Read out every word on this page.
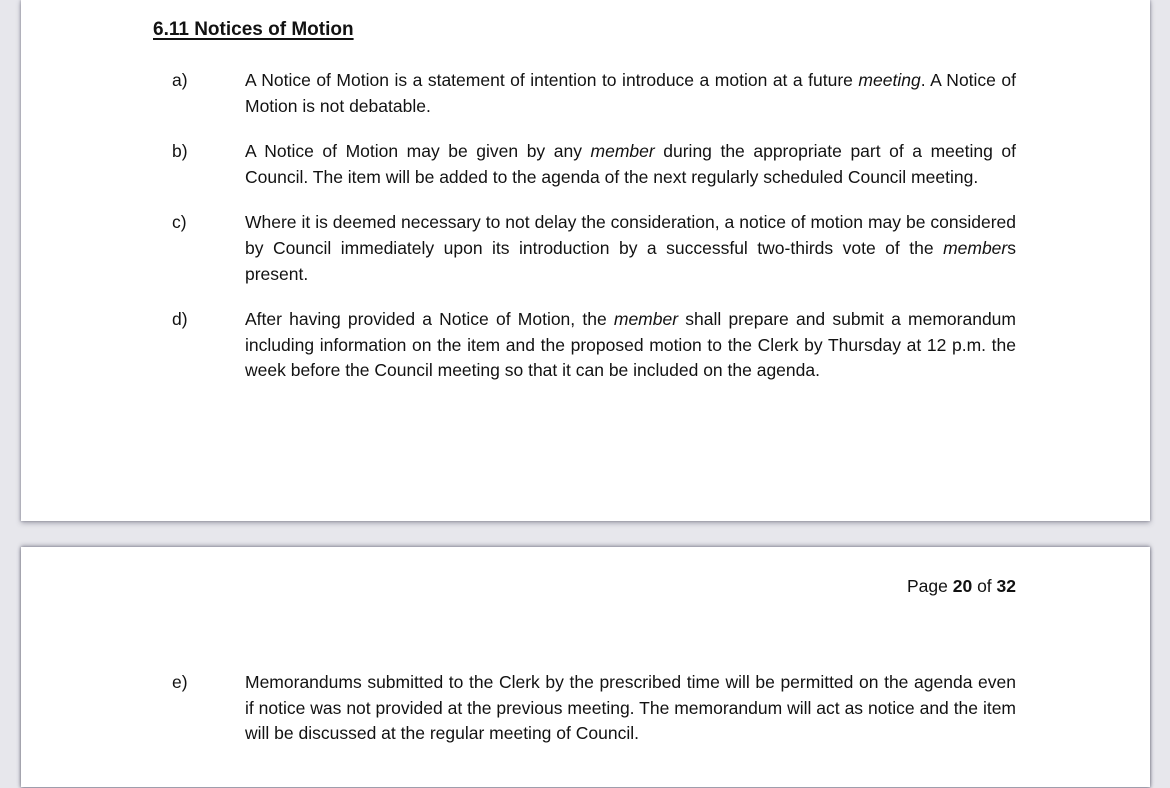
6.11 Notices of Motion
a)	A Notice of Motion is a statement of intention to introduce a motion at a future meeting. A Notice of Motion is not debatable.

b)	A Notice of Motion may be given by any member during the appropriate part of a meeting of Council. The item will be added to the agenda of the next regularly scheduled Council meeting.

c)	Where it is deemed necessary to not delay the consideration, a notice of motion may be considered by Council immediately upon its introduction by a successful two-thirds vote of the members present.

d)	After having provided a Notice of Motion, the member shall prepare and submit a memorandum including information on the item and the proposed motion to the Clerk by Thursday at 12 p.m. the week before the Council meeting so that it can be included on the agenda.

Page 20 of 32
e)	Memorandums submitted to the Clerk by the prescribed time will be permitted on the agenda even if notice was not provided at the previous meeting. The memorandum will act as notice and the item will be discussed at the regular meeting of Council.
